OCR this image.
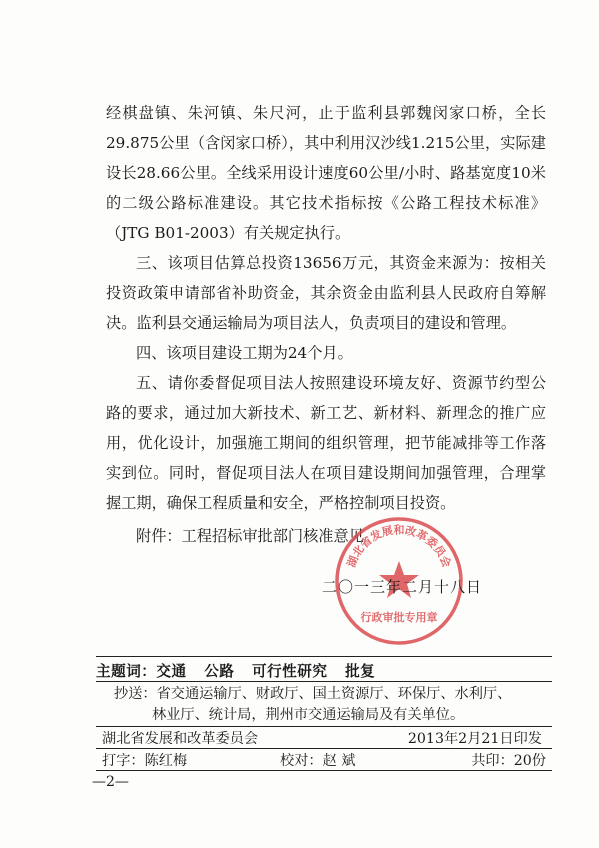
经棋盘镇、朱河镇、朱尺河，止于监利县郭魏闵家口桥，全长29.875公里（含闵家口桥），其中利用汉沙线1.215公里，实际建设长28.66公里。全线采用设计速度60公里/小时、路基宽度10米的二级公路标准建设。其它技术指标按《公路工程技术标准》（JTG B01-2003）有关规定执行。

三、该项目估算总投资13656万元，其资金来源为：按相关投资政策申请部省补助资金，其余资金由监利县人民政府自筹解决。监利县交通运输局为项目法人，负责项目的建设和管理。

四、该项目建设工期为24个月。

五、请你委督促项目法人按照建设环境友好、资源节约型公路的要求，通过加大新技术、新工艺、新材料、新理念的推广应用，优化设计，加强施工期间的组织管理，把节能减排等工作落实到位。同时，督促项目法人在项目建设期间加强管理，合理掌握工期，确保工程质量和安全，严格控制项目投资。

附件：工程招标审批部门核准意见
湖北省发展和改革委员会
行政审批专用章
二〇一三年二月十八日
主题词：交通 公路 可行性研究 批复
抄送：省交通运输厅、财政厅、国土资源厅、环保厅、水利厅、
林业厅、统计局，荆州市交通运输局及有关单位。
湖北省发展和改革委员会	2013年2月21日印发
打字：陈红梅	校对：赵 斌	共印：20份
—2—
